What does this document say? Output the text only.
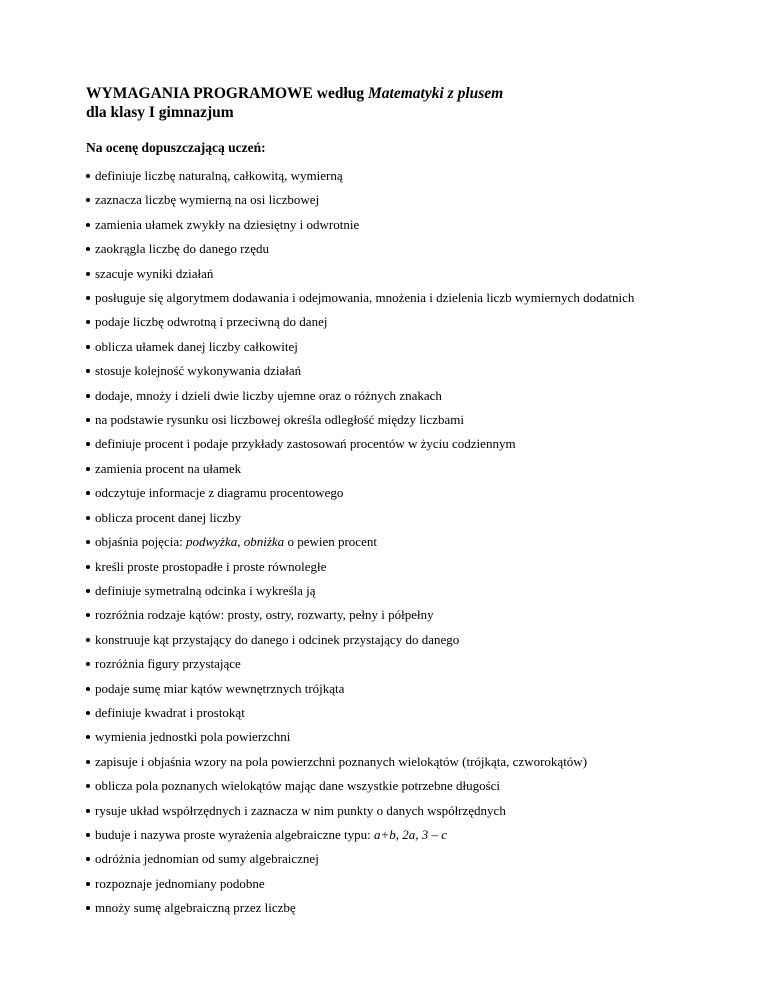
WYMAGANIA PROGRAMOWE według Matematyki z plusem

dla klasy I gimnazjum

Na ocenę dopuszczającą uczeń:
definiuje liczbę naturalną, całkowitą, wymierną
zaznacza liczbę wymierną na osi liczbowej
zamienia ułamek zwykły na dziesiętny i odwrotnie
zaokrągla liczbę do danego rzędu
szacuje wyniki działań
posługuje się algorytmem dodawania i odejmowania, mnożenia i dzielenia liczb wymiernych dodatnich
podaje liczbę odwrotną i przeciwną do danej
oblicza ułamek danej liczby całkowitej
stosuje kolejność wykonywania działań
dodaje, mnoży i dzieli dwie liczby ujemne oraz o różnych znakach
na podstawie rysunku osi liczbowej określa odległość między liczbami
definiuje procent i podaje przykłady zastosowań procentów w życiu codziennym
zamienia procent na ułamek
odczytuje informacje z diagramu procentowego
oblicza procent danej liczby
objaśnia pojęcia: podwyżka, obniżka o pewien procent
kreśli proste prostopadłe i proste równoległe
definiuje symetralną odcinka i wykreśla ją
rozróżnia rodzaje kątów: prosty, ostry, rozwarty, pełny i półpełny
konstruuje kąt przystający do danego i odcinek przystający do danego
rozróżnia figury przystające
podaje sumę miar kątów wewnętrznych trójkąta
definiuje kwadrat i prostokąt
wymienia jednostki pola powierzchni
zapisuje i objaśnia wzory na pola powierzchni poznanych wielokątów (trójkąta, czworokątów)
oblicza pola poznanych wielokątów mając dane wszystkie potrzebne długości
rysuje układ współrzędnych i zaznacza w nim punkty o danych współrzędnych
buduje i nazywa proste wyrażenia algebraiczne typu: a+b, 2a, 3 – c
odróżnia jednomian od sumy algebraicznej
rozpoznaje jednomiany podobne
mnoży sumę algebraiczną przez liczbę
